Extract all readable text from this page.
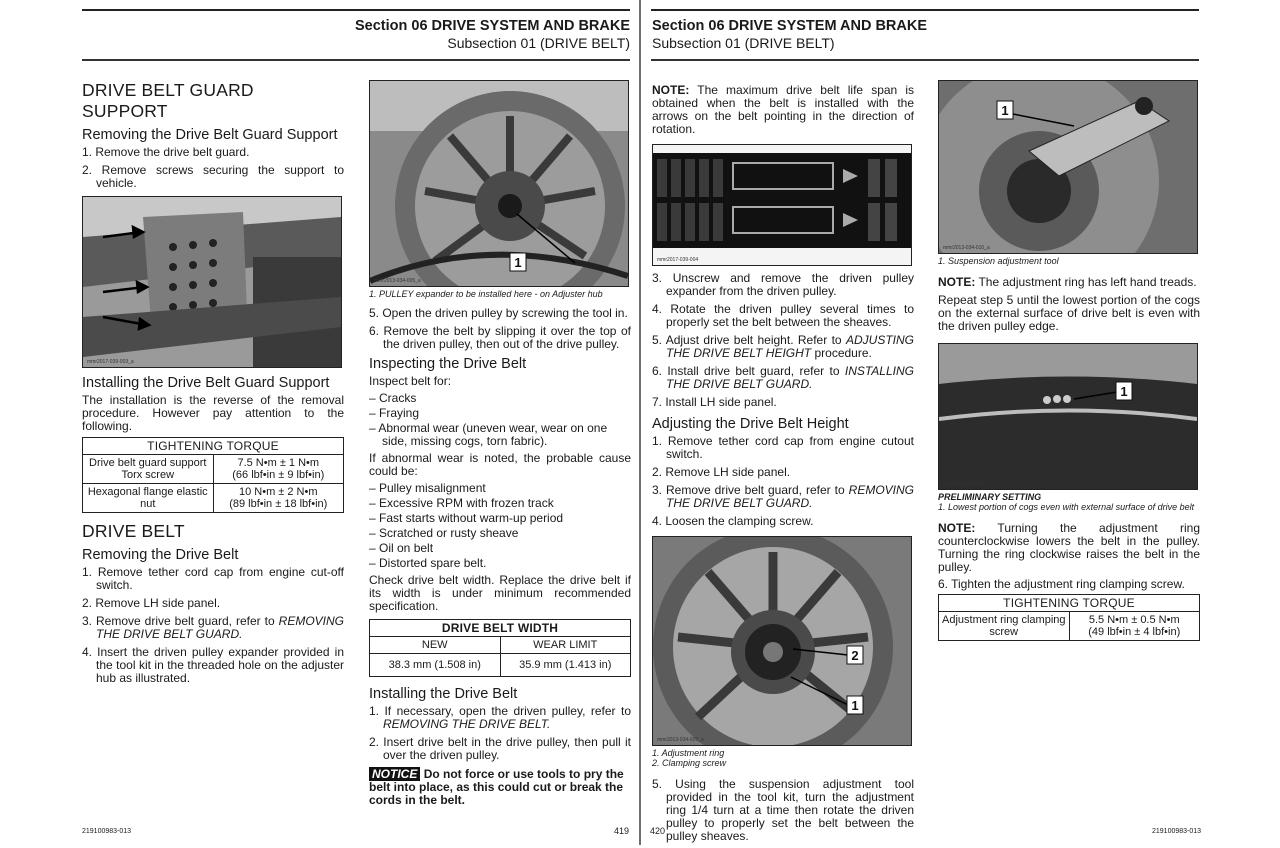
Section 06 DRIVE SYSTEM AND BRAKE
Subsection 01 (DRIVE BELT)
DRIVE BELT GUARD SUPPORT
Removing the Drive Belt Guard Support
1. Remove the drive belt guard.
2. Remove screws securing the support to vehicle.
mmr2017-039-003_a
Installing the Drive Belt Guard Support

The installation is the reverse of the removal procedure. However pay attention to the following.

TIGHTENING TORQUE	
Drive belt guard support Torx screw	7.5 N•m ± 1 N•m
(66 lbf•in ± 9 lbf•in)
Hexagonal flange elastic nut	10 N•m ± 2 N•m
(89 lbf•in ± 18 lbf•in)
DRIVE BELT
Removing the Drive Belt
1. Remove tether cord cap from engine cut-off switch.
2. Remove LH side panel.
3. Remove drive belt guard, refer to REMOVING THE DRIVE BELT GUARD.
4. Insert the driven pulley expander provided in the tool kit in the threaded hole on the adjuster hub as illustrated.
1
mmr2013-034-005_a
1. PULLEY expander to be installed here - on Adjuster hub
5. Open the driven pulley by screwing the tool in.
6. Remove the belt by slipping it over the top of the driven pulley, then out of the drive pulley.
Inspecting the Drive Belt

Inspect belt for:

– Cracks
– Fraying
– Abnormal wear (uneven wear, wear on one side, missing cogs, torn fabric).

If abnormal wear is noted, the probable cause could be:

– Pulley misalignment
– Excessive RPM with frozen track
– Fast starts without warm-up period
– Scratched or rusty sheave
– Oil on belt
– Distorted spare belt.

Check drive belt width. Replace the drive belt if its width is under minimum recommended specification.

DRIVE BELT WIDTH	
NEW	WEAR LIMIT
38.3 mm (1.508 in)	35.9 mm (1.413 in)
Installing the Drive Belt
1. If necessary, open the driven pulley, refer to REMOVING THE DRIVE BELT.
2. Insert drive belt in the drive pulley, then pull it over the driven pulley.
NOTICE Do not force or use tools to pry the belt into place, as this could cut or break the cords in the belt.
219100983-013	419
Section 06 DRIVE SYSTEM AND BRAKE
Subsection 01 (DRIVE BELT)

NOTE: The maximum drive belt life span is obtained when the belt is installed with the arrows on the belt pointing in the direction of rotation.

mmr2017-039-004
3. Unscrew and remove the driven pulley expander from the driven pulley.
4. Rotate the driven pulley several times to properly set the belt between the sheaves.
5. Adjust drive belt height. Refer to ADJUSTING THE DRIVE BELT HEIGHT procedure.
6. Install drive belt guard, refer to INSTALLING THE DRIVE BELT GUARD.
7. Install LH side panel.
Adjusting the Drive Belt Height
1. Remove tether cord cap from engine cutout switch.
2. Remove LH side panel.
3. Remove drive belt guard, refer to REMOVING THE DRIVE BELT GUARD.
4. Loosen the clamping screw.
2
1
mmr2013-034-009_a
1. Adjustment ring
2. Clamping screw
5. Using the suspension adjustment tool provided in the tool kit, turn the adjustment ring 1/4 turn at a time then rotate the driven pulley to properly set the belt between the pulley sheaves.
1
mmr2013-034-010_a
1. Suspension adjustment tool

NOTE: The adjustment ring has left hand treads.

Repeat step 5 until the lowest portion of the cogs on the external surface of drive belt is even with the driven pulley edge.

1
mmr2012-006-005_a
PRELIMINARY SETTING
1. Lowest portion of cogs even with external surface of drive belt

NOTE: Turning the adjustment ring counterclockwise lowers the belt in the pulley. Turning the ring clockwise raises the belt in the pulley.

6. Tighten the adjustment ring clamping screw.
TIGHTENING TORQUE
Adjustment ring clamping screw	5.5 N•m ± 0.5 N•m
(49 lbf•in ± 4 lbf•in)
420	219100983-013
